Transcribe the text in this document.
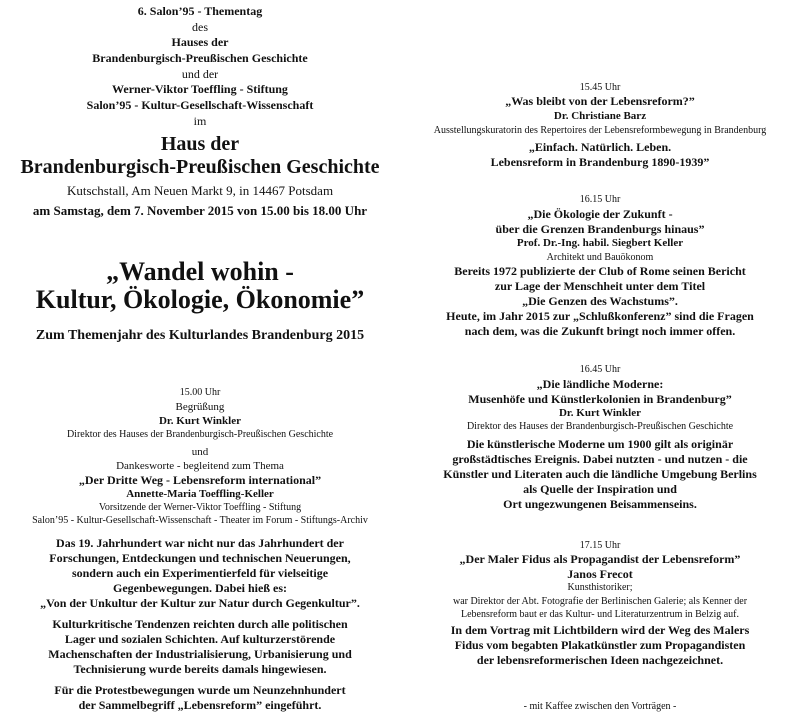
6. Salon’95 - Thementag
des
Hauses der
Brandenburgisch-Preußischen Geschichte
und der
Werner-Viktor Toeffling - Stiftung
Salon’95 - Kultur-Gesellschaft-Wissenschaft
im
Haus der
Brandenburgisch-Preußischen Geschichte
Kutschstall, Am Neuen Markt 9, in 14467 Potsdam
am Samstag, dem 7. November 2015 von 15.00 bis 18.00 Uhr
„Wandel wohin -
Kultur, Ökologie, Ökonomie”
Zum Themenjahr des Kulturlandes Brandenburg 2015
15.00 Uhr
Begrüßung
Dr. Kurt Winkler
Direktor des Hauses der Brandenburgisch-Preußischen Geschichte
und
Dankesworte - begleitend zum Thema
„Der Dritte Weg - Lebensreform international”
Annette-Maria Toeffling-Keller
Vorsitzende der Werner-Viktor Toeffling - Stiftung
Salon’95 - Kultur-Gesellschaft-Wissenschaft - Theater im Forum - Stiftungs-Archiv
Das 19. Jahrhundert war nicht nur das Jahrhundert der
Forschungen, Entdeckungen und technischen Neuerungen,
sondern auch ein Experimentierfeld für vielseitige
Gegenbewegungen. Dabei hieß es:
„Von der Unkultur der Kultur zur Natur durch Gegenkultur”.
Kulturkritische Tendenzen reichten durch alle politischen
Lager und sozialen Schichten. Auf kulturzerstörende
Machenschaften der Industrialisierung, Urbanisierung und
Technisierung wurde bereits damals hingewiesen.
Für die Protestbewegungen wurde um Neunzehnhundert
der Sammelbegriff „Lebensreform” eingeführt.
15.45 Uhr
„Was bleibt von der Lebensreform?”
Dr. Christiane Barz
Ausstellungskuratorin des Repertoires der Lebensreformbewegung in Brandenburg
„Einfach. Natürlich. Leben.
Lebensreform in Brandenburg 1890-1939”
16.15 Uhr
„Die Ökologie der Zukunft -
über die Grenzen Brandenburgs hinaus”
Prof. Dr.-Ing. habil. Siegbert Keller
Architekt und Bauökonom
Bereits 1972 publizierte der Club of Rome seinen Bericht
zur Lage der Menschheit unter dem Titel
„Die Genzen des Wachstums”.
Heute, im Jahr 2015 zur „Schlußkonferenz” sind die Fragen
nach dem, was die Zukunft bringt noch immer offen.
16.45 Uhr
„Die ländliche Moderne:
Musenhöfe und Künstlerkolonien in Brandenburg”
Dr. Kurt Winkler
Direktor des Hauses der Brandenburgisch-Preußischen Geschichte
Die künstlerische Moderne um 1900 gilt als originär
großstädtisches Ereignis. Dabei nutzten - und nutzen - die
Künstler und Literaten auch die ländliche Umgebung Berlins
als Quelle der Inspiration und
Ort ungezwungenen Beisammenseins.
17.15 Uhr
„Der Maler Fidus als Propagandist der Lebensreform”
Janos Frecot
Kunsthistoriker;
war Direktor der Abt. Fotografie der Berlinischen Galerie; als Kenner der
Lebensreform baut er das Kultur- und Literaturzentrum in Belzig auf.
In dem Vortrag mit Lichtbildern wird der Weg des Malers
Fidus vom begabten Plakatkünstler zum Propagandisten
der lebensreformerischen Ideen nachgezeichnet.
- mit Kaffee zwischen den Vorträgen -
